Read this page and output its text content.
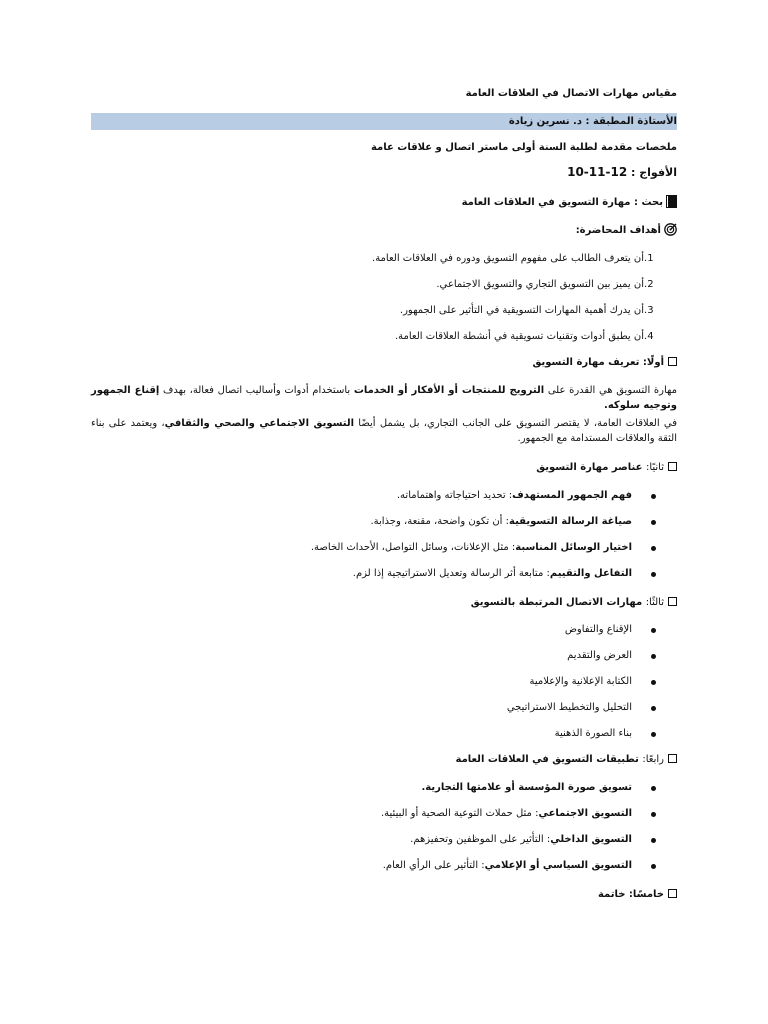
مقياس مهارات الاتصال في العلاقات العامة
الأستاذة المطبقة : د. نسرين زيادة
ملخصات مقدمة لطلبة السنة أولى ماستر اتصال و علاقات عامة
الأفواج : 10-11-12
بحث : مهارة التسويق في العلاقات العامة
أهداف المحاضرة:
1.أن يتعرف الطالب على مفهوم التسويق ودوره في العلاقات العامة.
2.أن يميز بين التسويق التجاري والتسويق الاجتماعي.
3.أن يدرك أهمية المهارات التسويقية في التأثير على الجمهور.
4.أن يطبق أدوات وتقنيات تسويقية في أنشطة العلاقات العامة.
أولًا: تعريف مهارة التسويق
مهارة التسويق هي القدرة على الترويج للمنتجات أو الأفكار أو الخدمات باستخدام أدوات وأساليب اتصال فعالة، بهدف إقناع الجمهور وتوجيه سلوكه.
في العلاقات العامة، لا يقتصر التسويق على الجانب التجاري، بل يشمل أيضًا التسويق الاجتماعي والصحي والثقافي، ويعتمد على بناء الثقة والعلاقات المستدامة مع الجمهور.
ثانيًا: عناصر مهارة التسويق
فهم الجمهور المستهدف: تحديد احتياجاته واهتماماته.
صياغة الرسالة التسويقية: أن تكون واضحة، مقنعة، وجذابة.
اختيار الوسائل المناسبة: مثل الإعلانات، وسائل التواصل، الأحداث الخاصة.
التفاعل والتقييم: متابعة أثر الرسالة وتعديل الاستراتيجية إذا لزم.
ثالثًا: مهارات الاتصال المرتبطة بالتسويق
الإقناع والتفاوض
العرض والتقديم
الكتابة الإعلانية والإعلامية
التحليل والتخطيط الاستراتيجي
بناء الصورة الذهنية
رابعًا: تطبيقات التسويق في العلاقات العامة
تسويق صورة المؤسسة أو علامتها التجارية.
التسويق الاجتماعي: مثل حملات التوعية الصحية أو البيئية.
التسويق الداخلي: التأثير على الموظفين وتحفيزهم.
التسويق السياسي أو الإعلامي: التأثير على الرأي العام.
خامسًا: خاتمة
